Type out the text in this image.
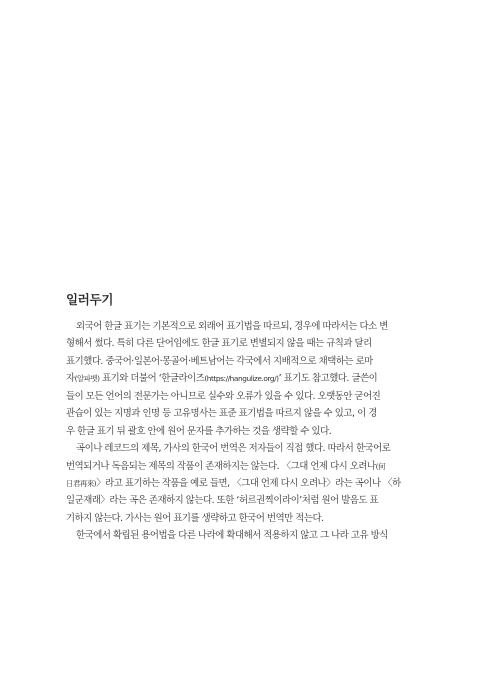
일러두기
외국어 한글 표기는 기본적으로 외래어 표기법을 따르되, 경우에 따라서는 다소 변
형해서 썼다. 특히 다른 단어임에도 한글 표기로 변별되지 않을 때는 규칙과 달리
표기했다. 중국어·일본어·몽골어·베트남어는 각국에서 지배적으로 채택하는 로마
자(알파벳) 표기와 더불어 ‘한글라이즈(https://hangulize.org/)’ 표기도 참고했다. 글쓴이
들이 모든 언어의 전문가는 아니므로 실수와 오류가 있을 수 있다. 오랫동안 굳어진
관습이 있는 지명과 인명 등 고유명사는 표준 표기법을 따르지 않을 수 있고, 이 경
우 한글 표기 뒤 괄호 안에 원어 문자를 추가하는 것을 생략할 수 있다.
곡이나 레코드의 제목, 가사의 한국어 번역은 저자들이 직접 했다. 따라서 한국어로
번역되거나 독음되는 제목의 작품이 존재하지는 않는다. 〈그대 언제 다시 오려나(何
日君再來)〉라고 표기하는 작품을 예로 들면, 〈그대 언제 다시 오려나〉라는 곡이나 〈하
일군재래〉라는 곡은 존재하지 않는다. 또한 ‘허르권찍이라이’처럼 원어 발음도 표
기하지 않는다. 가사는 원어 표기를 생략하고 한국어 번역만 적는다.
한국에서 확립된 용어법을 다른 나라에 확대해서 적용하지 않고 그 나라 고유 방식
